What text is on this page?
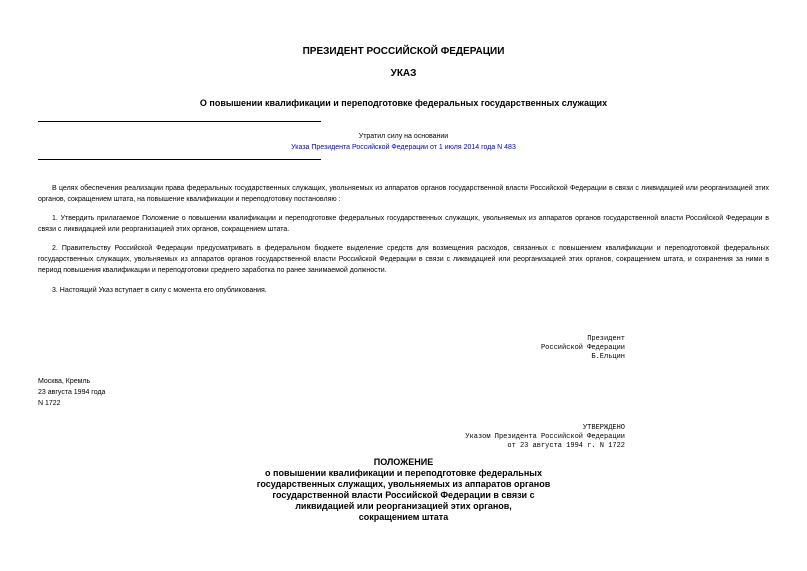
ПРЕЗИДЕНТ РОССИЙСКОЙ ФЕДЕРАЦИИ
УКАЗ
О повышении квалификации и переподготовке федеральных государственных служащих
Утратил силу на основании
Указа Президента Российской Федерации от 1 июля 2014 года N 483
В целях обеспечения реализации права федеральных государственных служащих, увольняемых из аппаратов органов государственной власти Российской Федерации в связи с ликвидацией или реорганизацией этих органов, сокращением штата, на повышение квалификации и переподготовку постановляю :
1. Утвердить прилагаемое Положение о повышении квалификации и переподготовке федеральных государственных служащих, увольняемых из аппаратов органов государственной власти Российской Федерации в связи с ликвидацией или реорганизацией этих органов, сокращением штата.
2. Правительству Российской Федерации предусматривать в федеральном бюджете выделение средств для возмещения расходов, связанных с повышением квалификации и переподготовкой федеральных государственных служащих, увольняемых из аппаратов органов государственной власти Российской Федерации в связи с ликвидацией или реорганизацией этих органов, сокращением штата, и сохранения за ними в период повышения квалификации и переподготовки среднего заработка по ранее занимаемой должности.
3. Настоящий Указ вступает в силу с момента его опубликования.
Президент
Российской Федерации
Б.Ельцин
Москва, Кремль
23 августа 1994 года
N 1722
УТВЕРЖДЕНО
Указом Президента Российской Федерации
от 23 августа 1994 г. N 1722
ПОЛОЖЕНИЕ
о повышении квалификации и переподготовке федеральных
государственных служащих, увольняемых из аппаратов органов
государственной власти Российской Федерации в связи с
ликвидацией или реорганизацией этих органов,
сокращением штата
